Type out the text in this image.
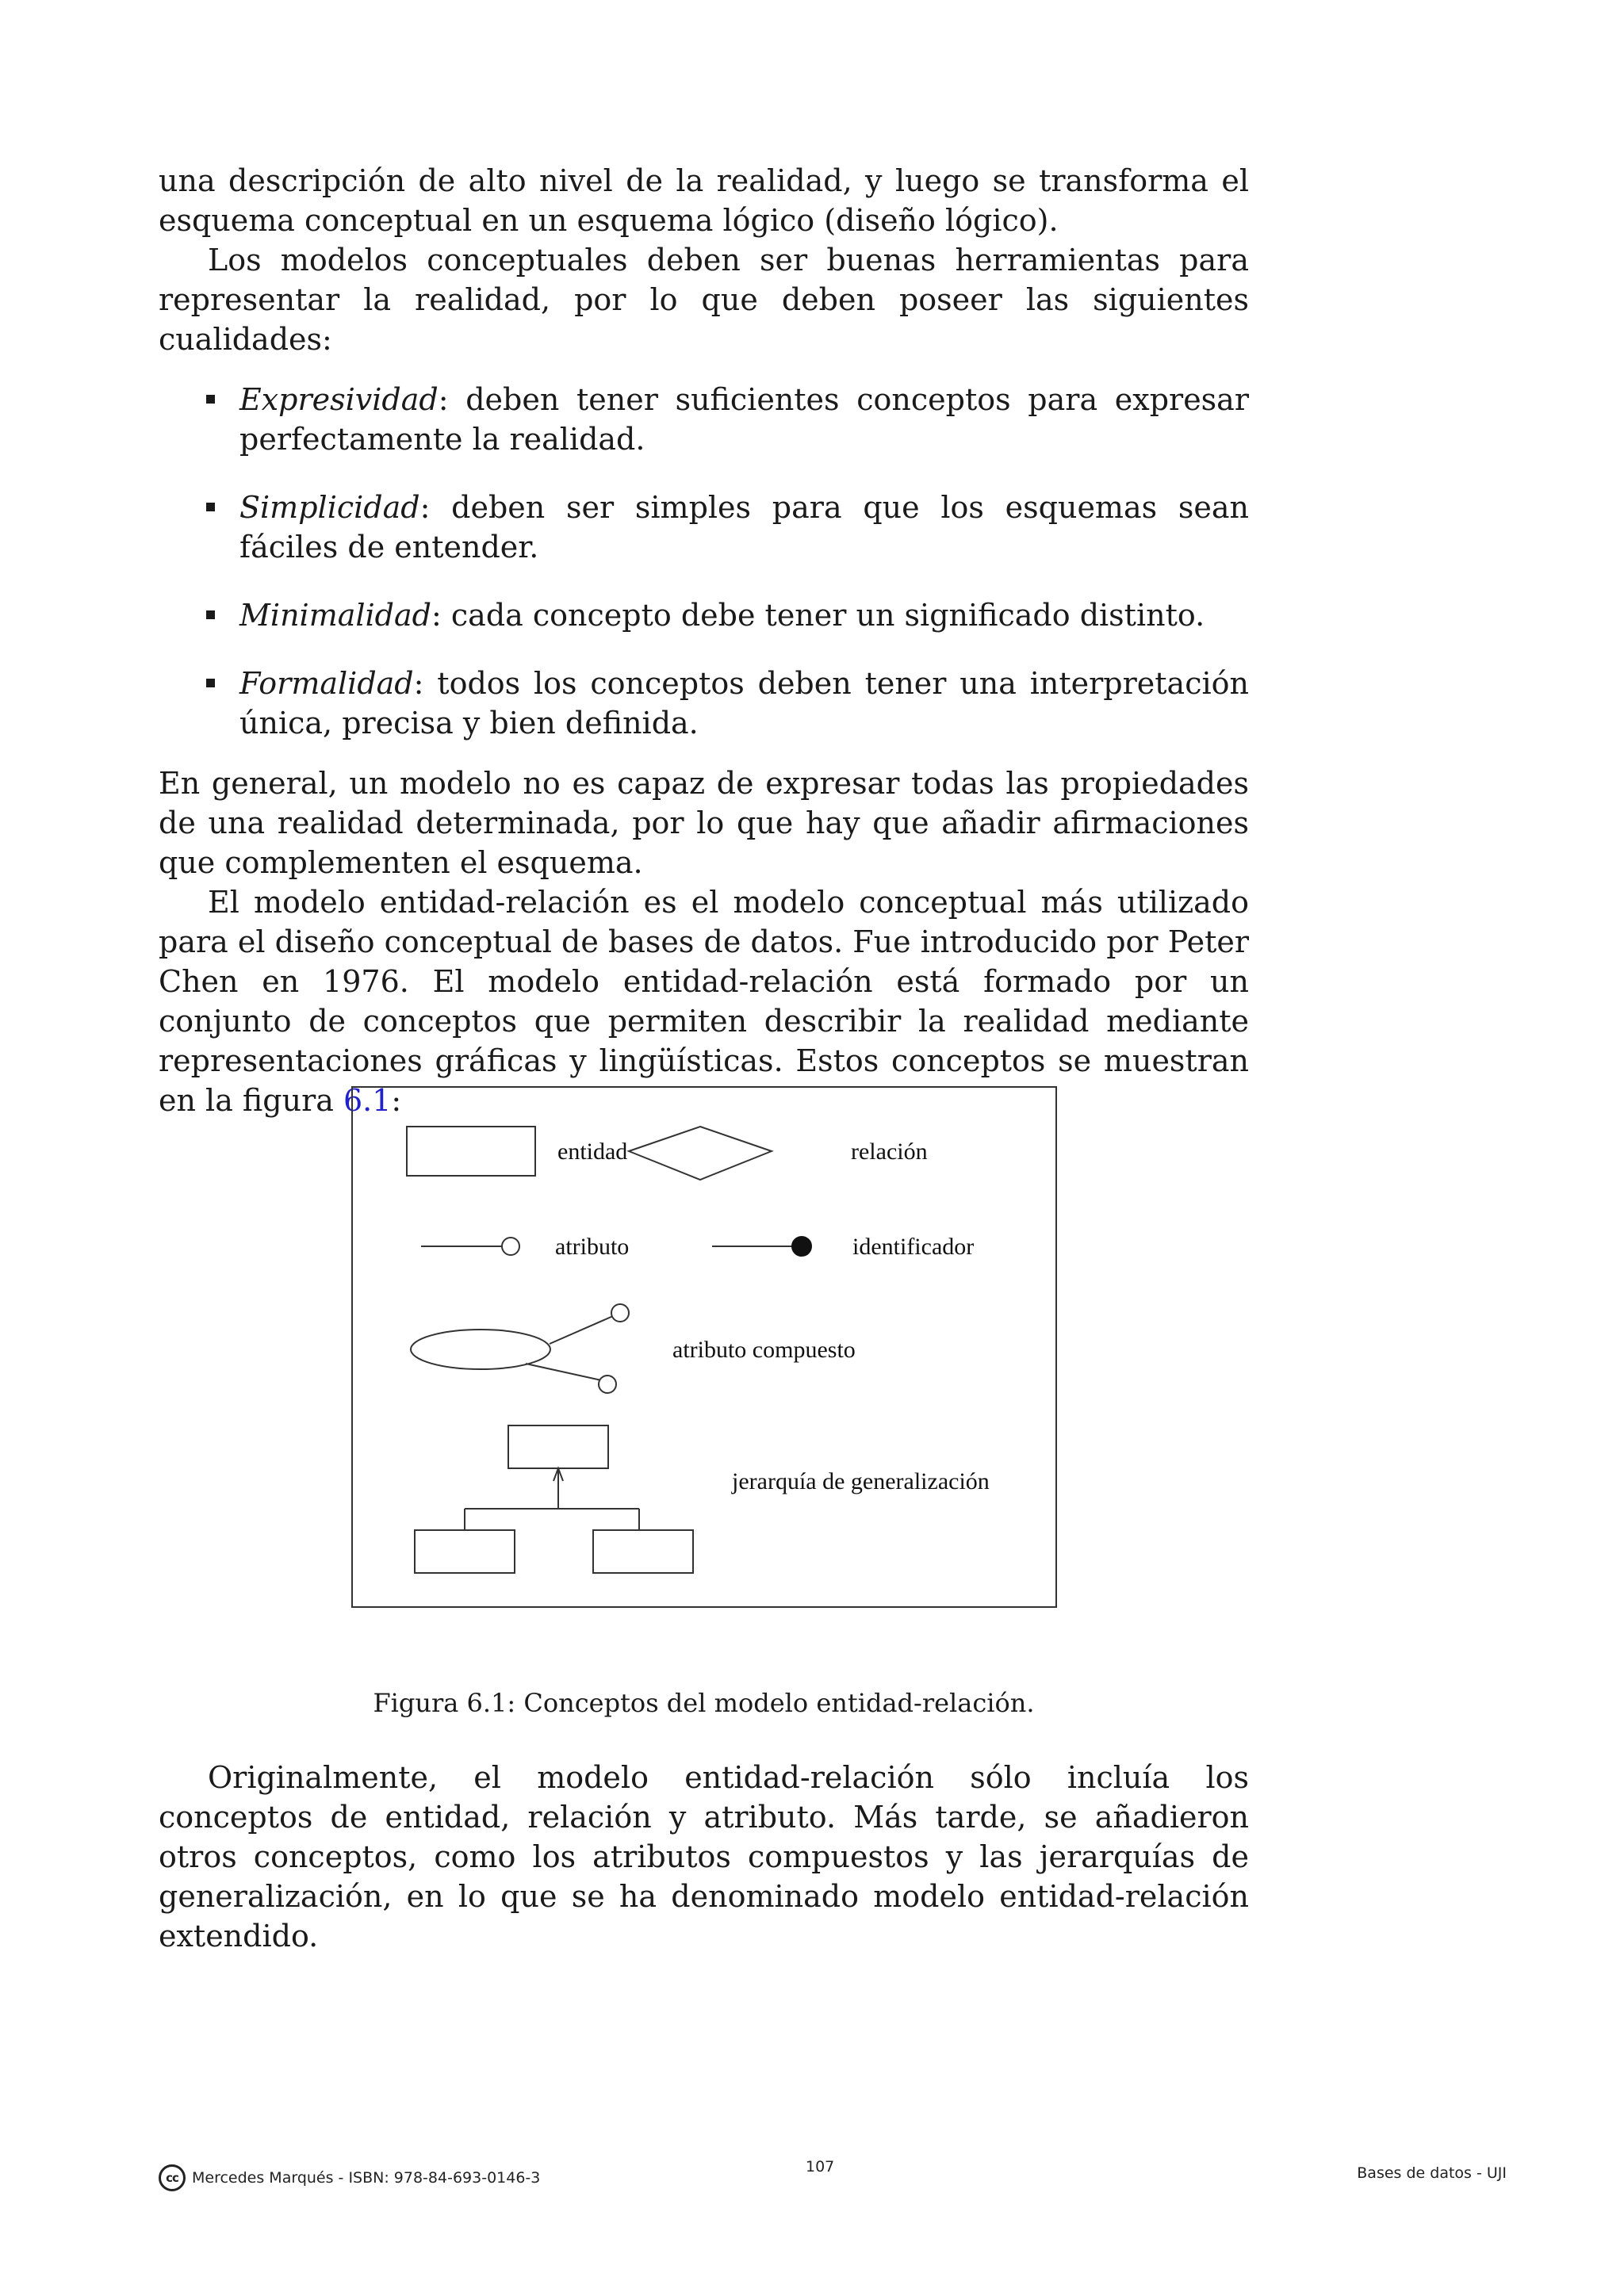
una descripción de alto nivel de la realidad, y luego se transforma el esquema conceptual en un esquema lógico (diseño lógico).

Los modelos conceptuales deben ser buenas herramientas para representar la realidad, por lo que deben poseer las siguientes cualidades:

Expresividad: deben tener suficientes conceptos para expresar perfectamente la realidad.
Simplicidad: deben ser simples para que los esquemas sean fáciles de entender.
Minimalidad: cada concepto debe tener un significado distinto.
Formalidad: todos los conceptos deben tener una interpretación única, precisa y bien definida.

En general, un modelo no es capaz de expresar todas las propiedades de una realidad determinada, por lo que hay que añadir afirmaciones que complementen el esquema.

El modelo entidad-relación es el modelo conceptual más utilizado para el diseño conceptual de bases de datos. Fue introducido por Peter Chen en 1976. El modelo entidad-relación está formado por un conjunto de conceptos que permiten describir la realidad mediante representaciones gráficas y lingüísticas. Estos conceptos se muestran en la figura 6.1:

entidad	relación
atributo	identificador
atributo compuesto
jerarquía de generalización
Figura 6.1: Conceptos del modelo entidad-relación.

Originalmente, el modelo entidad-relación sólo incluía los conceptos de entidad, relación y atributo. Más tarde, se añadieron otros conceptos, como los atributos compuestos y las jerarquías de generalización, en lo que se ha denominado modelo entidad-relación extendido.

cc Mercedes Marqués - ISBN: 978-84-693-0146-3
107	Bases de datos - UJI
